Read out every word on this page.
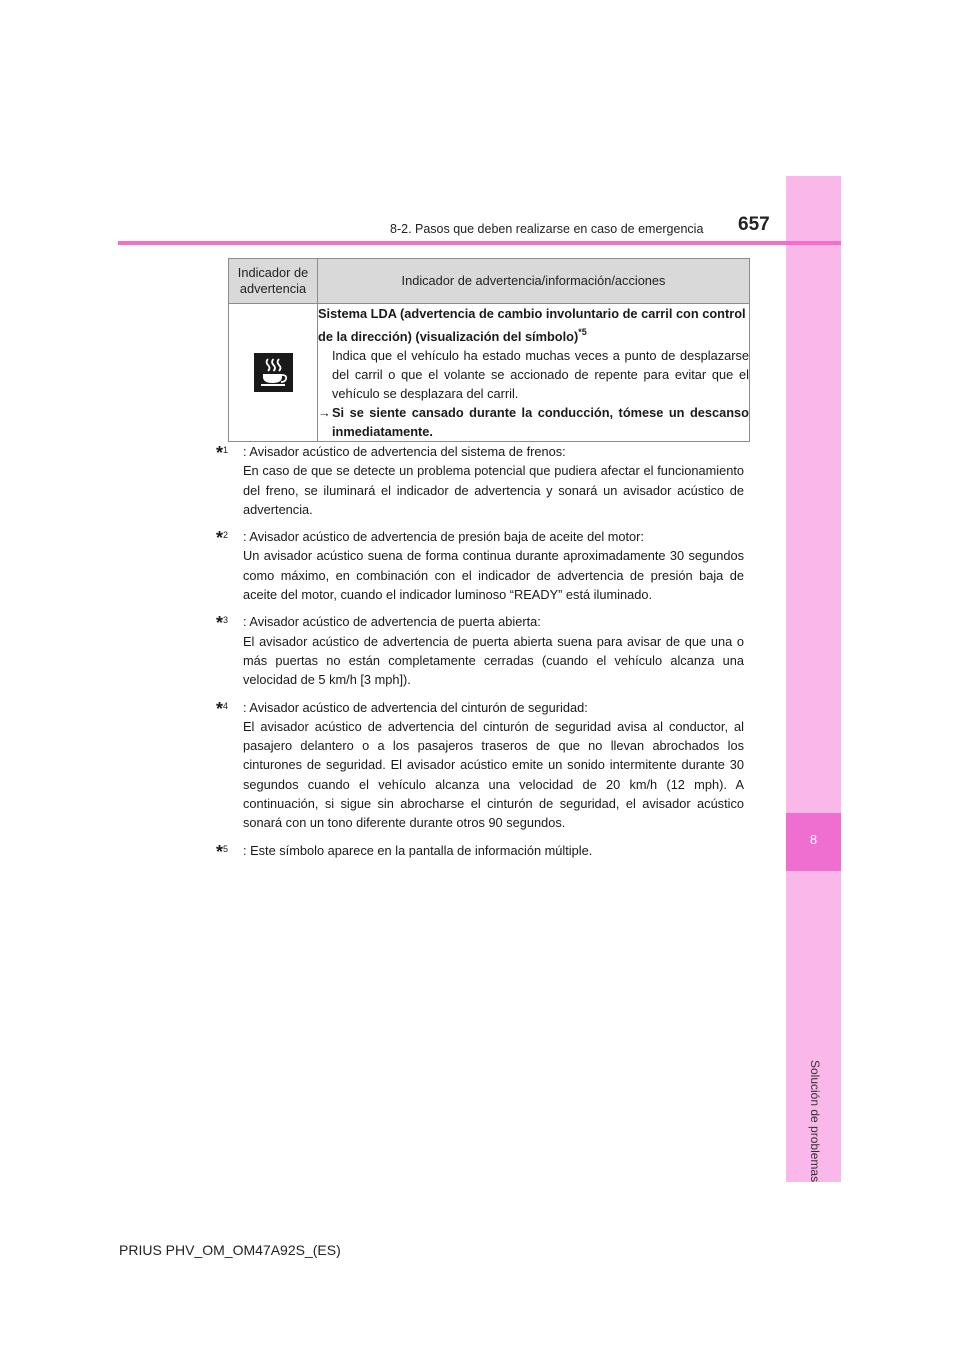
8
Solución de problemas
8-2. Pasos que deben realizarse en caso de emergencia 657
Indicador de advertencia	Indicador de advertencia/información/acciones

Sistema LDA (advertencia de cambio involuntario de carril con control de la dirección) (visualización del símbolo)$^{*5}$
Indica que el vehículo ha estado muchas veces a punto de desplazarse del carril o que el volante se accionado de repente para evitar que el vehículo se desplazara del carril.
→ Si se siente cansado durante la conducción, tómese un descanso inmediatamente.
*$^1$	: Avisador acústico de advertencia del sistema de frenos:
En caso de que se detecte un problema potencial que pudiera afectar el funcionamiento del freno, se iluminará el indicador de advertencia y sonará un avisador acústico de advertencia.
*$^2$	: Avisador acústico de advertencia de presión baja de aceite del motor:
Un avisador acústico suena de forma continua durante aproximadamente 30 segundos como máximo, en combinación con el indicador de advertencia de presión baja de aceite del motor, cuando el indicador luminoso “READY” está iluminado.
*$^3$	: Avisador acústico de advertencia de puerta abierta:
El avisador acústico de advertencia de puerta abierta suena para avisar de que una o más puertas no están completamente cerradas (cuando el vehículo alcanza una velocidad de 5 km/h [3 mph]).
*$^4$	: Avisador acústico de advertencia del cinturón de seguridad:
El avisador acústico de advertencia del cinturón de seguridad avisa al conductor, al pasajero delantero o a los pasajeros traseros de que no llevan abrochados los cinturones de seguridad. El avisador acústico emite un sonido intermitente durante 30 segundos cuando el vehículo alcanza una velocidad de 20 km/h (12 mph). A continuación, si sigue sin abrocharse el cinturón de seguridad, el avisador acústico sonará con un tono diferente durante otros 90 segundos.
*$^5$	: Este símbolo aparece en la pantalla de información múltiple.
PRIUS PHV_OM_OM47A92S_(ES)
